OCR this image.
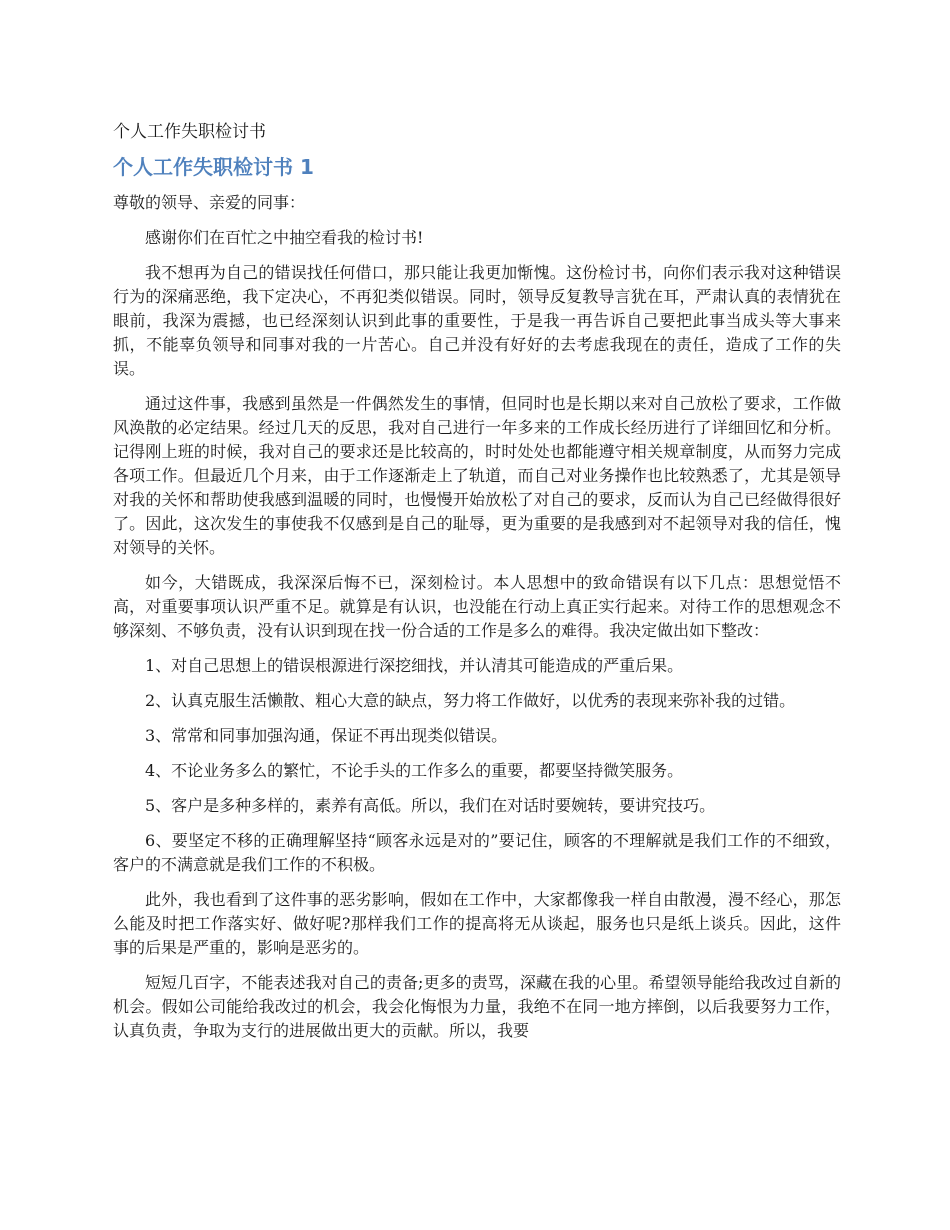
个人工作失职检讨书
个人工作失职检讨书 1
尊敬的领导、亲爱的同事：

感谢你们在百忙之中抽空看我的检讨书!

我不想再为自己的错误找任何借口，那只能让我更加惭愧。这份检讨书，向你们表示我对这种错误行为的深痛恶绝，我下定决心，不再犯类似错误。同时，领导反复教导言犹在耳，严肃认真的表情犹在眼前，我深为震撼，也已经深刻认识到此事的重要性，于是我一再告诉自己要把此事当成头等大事来抓，不能辜负领导和同事对我的一片苦心。自己并没有好好的去考虑我现在的责任，造成了工作的失误。

通过这件事，我感到虽然是一件偶然发生的事情，但同时也是长期以来对自己放松了要求，工作做风涣散的必定结果。经过几天的反思，我对自己进行一年多来的工作成长经历进行了详细回忆和分析。记得刚上班的时候，我对自己的要求还是比较高的，时时处处也都能遵守相关规章制度，从而努力完成各项工作。但最近几个月来，由于工作逐渐走上了轨道，而自己对业务操作也比较熟悉了，尤其是领导对我的关怀和帮助使我感到温暖的同时，也慢慢开始放松了对自己的要求，反而认为自己已经做得很好了。因此，这次发生的事使我不仅感到是自己的耻辱，更为重要的是我感到对不起领导对我的信任，愧对领导的关怀。

如今，大错既成，我深深后悔不已，深刻检讨。本人思想中的致命错误有以下几点：思想觉悟不高，对重要事项认识严重不足。就算是有认识，也没能在行动上真正实行起来。对待工作的思想观念不够深刻、不够负责，没有认识到现在找一份合适的工作是多么的难得。我决定做出如下整改：

1、对自己思想上的错误根源进行深挖细找，并认清其可能造成的严重后果。

2、认真克服生活懒散、粗心大意的缺点，努力将工作做好，以优秀的表现来弥补我的过错。

3、常常和同事加强沟通，保证不再出现类似错误。

4、不论业务多么的繁忙，不论手头的工作多么的重要，都要坚持微笑服务。

5、客户是多种多样的，素养有高低。所以，我们在对话时要婉转，要讲究技巧。

6、要坚定不移的正确理解坚持“顾客永远是对的”要记住，顾客的不理解就是我们工作的不细致，客户的不满意就是我们工作的不积极。

此外，我也看到了这件事的恶劣影响，假如在工作中，大家都像我一样自由散漫，漫不经心，那怎么能及时把工作落实好、做好呢?那样我们工作的提高将无从谈起，服务也只是纸上谈兵。因此，这件事的后果是严重的，影响是恶劣的。

短短几百字，不能表述我对自己的责备;更多的责骂，深藏在我的心里。希望领导能给我改过自新的机会。假如公司能给我改过的机会，我会化悔恨为力量，我绝不在同一地方摔倒，以后我要努力工作，认真负责，争取为支行的进展做出更大的贡献。所以，我要
